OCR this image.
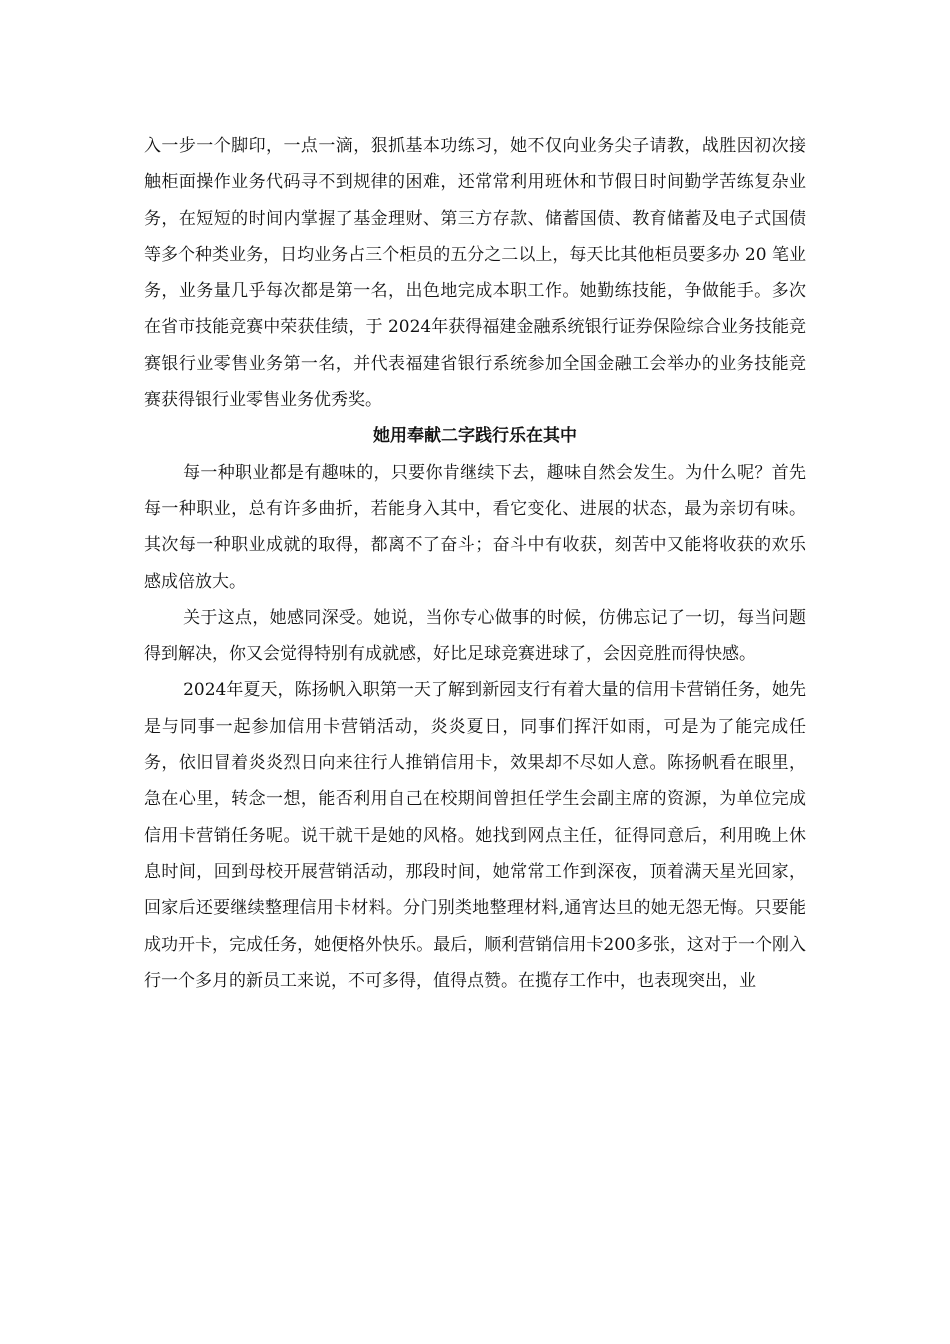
入一步一个脚印，一点一滴，狠抓基本功练习，她不仅向业务尖子请教，战胜因初次接触柜面操作业务代码寻不到规律的困难，还常常利用班休和节假日时间勤学苦练复杂业务，在短短的时间内掌握了基金理财、第三方存款、储蓄国债、教育储蓄及电子式国债等多个种类业务，日均业务占三个柜员的五分之二以上，每天比其他柜员要多办 20 笔业务，业务量几乎每次都是第一名，出色地完成本职工作。她勤练技能，争做能手。多次在省市技能竞赛中荣获佳绩，于 2024年获得福建金融系统银行证券保险综合业务技能竞赛银行业零售业务第一名，并代表福建省银行系统参加全国金融工会举办的业务技能竞赛获得银行业零售业务优秀奖。

她用奉献二字践行乐在其中

每一种职业都是有趣味的，只要你肯继续下去，趣味自然会发生。为什么呢？首先每一种职业，总有许多曲折，若能身入其中，看它变化、进展的状态，最为亲切有味。其次每一种职业成就的取得，都离不了奋斗；奋斗中有收获，刻苦中又能将收获的欢乐感成倍放大。

关于这点，她感同深受。她说，当你专心做事的时候，仿佛忘记了一切，每当问题得到解决，你又会觉得特别有成就感，好比足球竞赛进球了，会因竞胜而得快感。

2024年夏天，陈扬帆入职第一天了解到新园支行有着大量的信用卡营销任务，她先是与同事一起参加信用卡营销活动，炎炎夏日，同事们挥汗如雨，可是为了能完成任务，依旧冒着炎炎烈日向来往行人推销信用卡，效果却不尽如人意。陈扬帆看在眼里，急在心里，转念一想，能否利用自己在校期间曾担任学生会副主席的资源，为单位完成信用卡营销任务呢。说干就干是她的风格。她找到网点主任，征得同意后，利用晚上休息时间，回到母校开展营销活动，那段时间，她常常工作到深夜，顶着满天星光回家，回家后还要继续整理信用卡材料。分门别类地整理材料,通宵达旦的她无怨无悔。只要能成功开卡，完成任务，她便格外快乐。最后，顺利营销信用卡200多张，这对于一个刚入行一个多月的新员工来说，不可多得，值得点赞。在揽存工作中，也表现突出，业
